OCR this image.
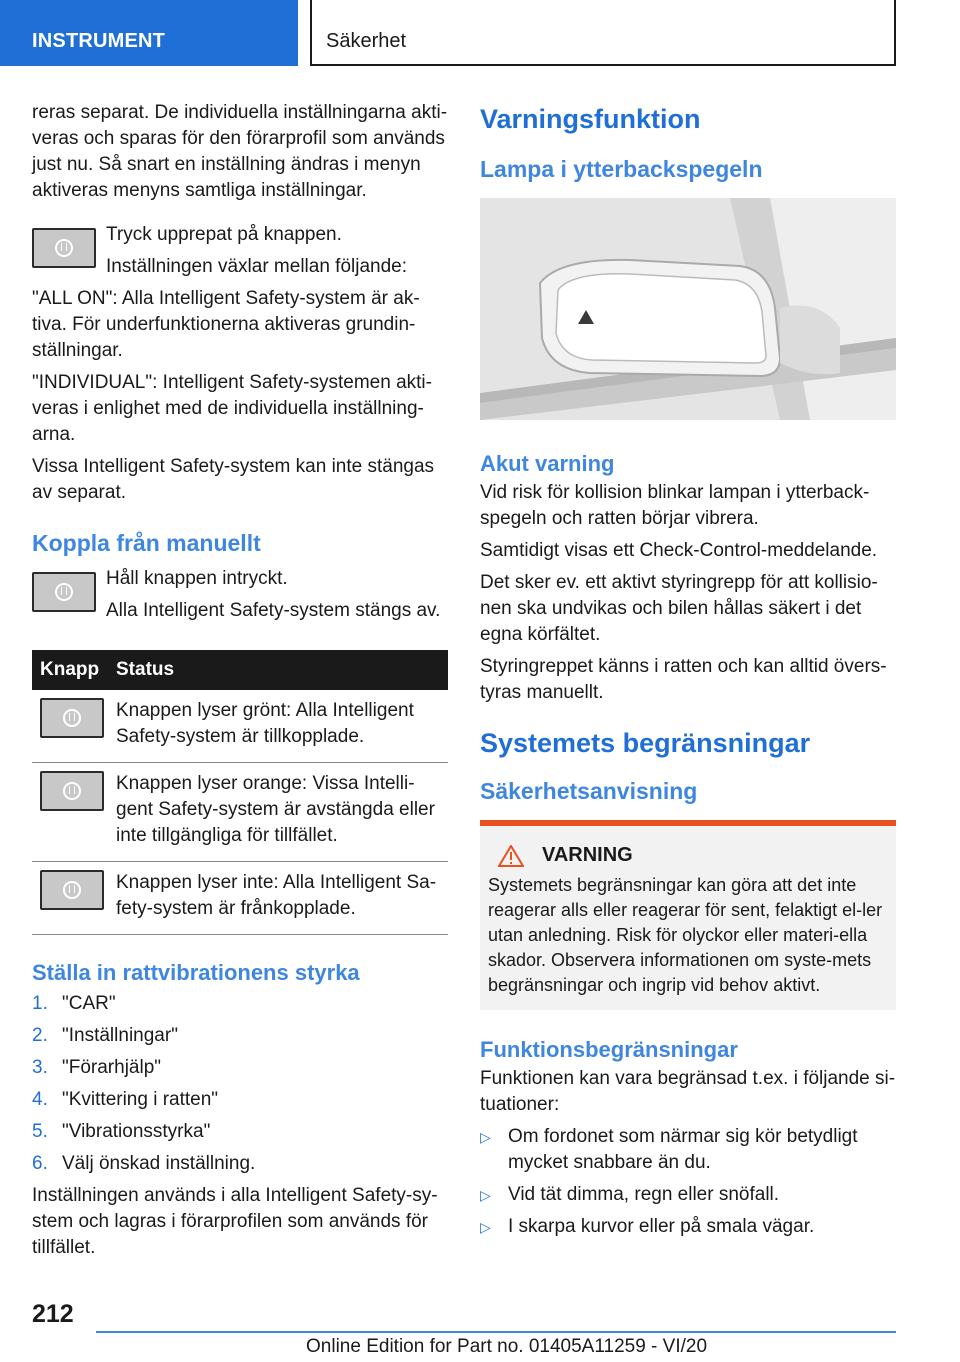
INSTRUMENT	Säkerhet

reras separat. De individuella inställningarna akti-veras och sparas för den förarprofil som används just nu. Så snart en inställning ändras i menyn aktiveras menyns samtliga inställningar.

Tryck upprepat på knappen.

Inställningen växlar mellan följande:

"ALL ON": Alla Intelligent Safety-system är ak-tiva. För underfunktionerna aktiveras grundin-ställningar.

"INDIVIDUAL": Intelligent Safety-systemen akti-veras i enlighet med de individuella inställning-arna.

Vissa Intelligent Safety-system kan inte stängas av separat.

Koppla från manuellt

Håll knappen intryckt.

Alla Intelligent Safety-system stängs av.

Knapp	Status
	Knappen lyser grönt: Alla Intelligent Safety-system är tillkopplade.
	Knappen lyser orange: Vissa Intelli-gent Safety-system är avstängda eller inte tillgängliga för tillfället.
	Knappen lyser inte: Alla Intelligent Sa-fety-system är frånkopplade.
Ställa in rattvibrationens styrka
1. "CAR"
2. "Inställningar"
3. "Förarhjälp"
4. "Kvittering i ratten"
5. "Vibrationsstyrka"
6. Välj önskad inställning.

Inställningen används i alla Intelligent Safety-sy-stem och lagras i förarprofilen som används för tillfället.

Varningsfunktion
Lampa i ytterbackspegeln
Akut varning

Vid risk för kollision blinkar lampan i ytterback-spegeln och ratten börjar vibrera.

Samtidigt visas ett Check-Control-meddelande.

Det sker ev. ett aktivt styringrepp för att kollisio-nen ska undvikas och bilen hållas säkert i det egna körfältet.

Styringreppet känns i ratten och kan alltid övers-tyras manuellt.

Systemets begränsningar
Säkerhetsanvisning
VARNING

Systemets begränsningar kan göra att det inte reagerar alls eller reagerar för sent, felaktigt el-ler utan anledning. Risk för olyckor eller materi-ella skador. Observera informationen om syste-mets begränsningar och ingrip vid behov aktivt.

Funktionsbegränsningar

Funktionen kan vara begränsad t.ex. i följande si-tuationer:

▷ Om fordonet som närmar sig kör betydligt mycket snabbare än du.
▷ Vid tät dimma, regn eller snöfall.
▷ I skarpa kurvor eller på smala vägar.
212
Online Edition for Part no. 01405A11259 - VI/20
